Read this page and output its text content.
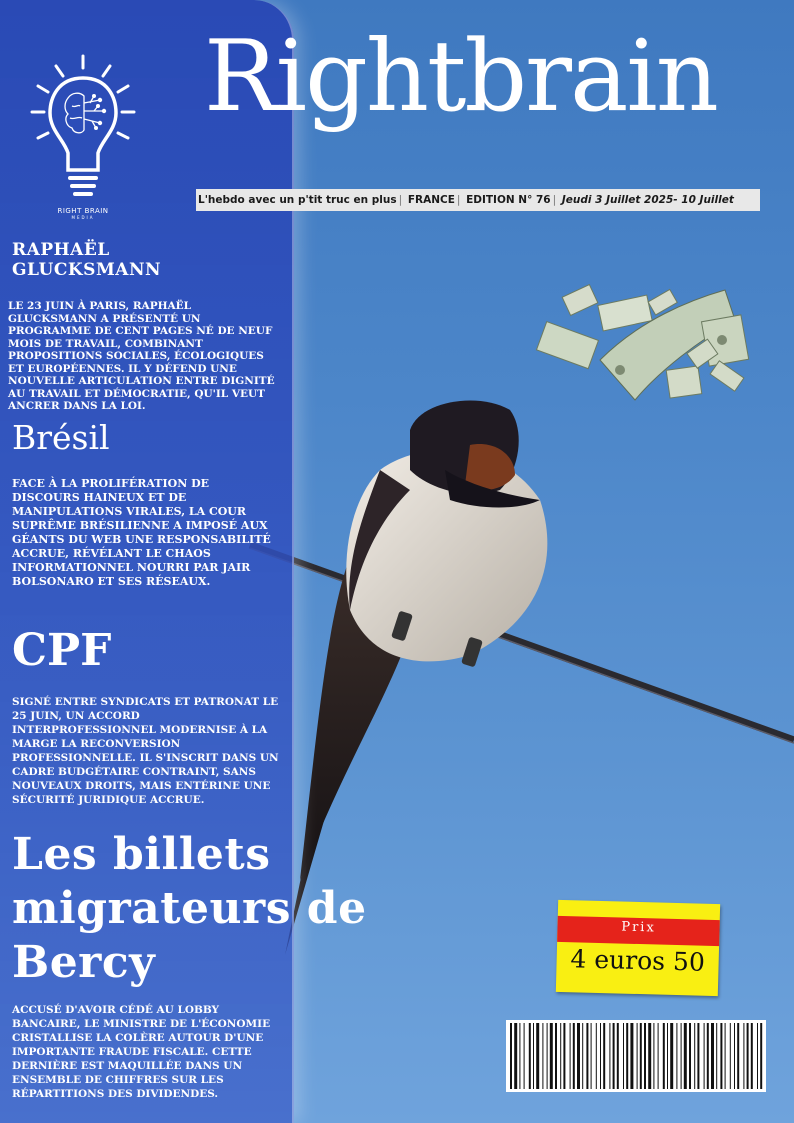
RIGHT BRAIN
MEDIA
Rightbrain
L'hebdo avec un p'tit truc en plus | FRANCE | EDITION N° 76 | Jeudi 3 Juillet 2025- 10 Juillet
RAPHAËL GLUCKSMANN
LE 23 JUIN À PARIS, RAPHAËL GLUCKSMANN A PRÉSENTÉ UN PROGRAMME DE CENT PAGES NÉ DE NEUF MOIS DE TRAVAIL, COMBINANT PROPOSITIONS SOCIALES, ÉCOLOGIQUES ET EUROPÉENNES. IL Y DÉFEND UNE NOUVELLE ARTICULATION ENTRE DIGNITÉ AU TRAVAIL ET DÉMOCRATIE, QU'IL VEUT ANCRER DANS LA LOI.
Brésil
FACE À LA PROLIFÉRATION DE DISCOURS HAINEUX ET DE MANIPULATIONS VIRALES, LA COUR SUPRÊME BRÉSILIENNE A IMPOSÉ AUX GÉANTS DU WEB UNE RESPONSABILITÉ ACCRUE, RÉVÉLANT LE CHAOS INFORMATIONNEL NOURRI PAR JAIR BOLSONARO ET SES RÉSEAUX.
CPF
SIGNÉ ENTRE SYNDICATS ET PATRONAT LE 25 JUIN, UN ACCORD INTERPROFESSIONNEL MODERNISE À LA MARGE LA RECONVERSION PROFESSIONNELLE. IL S'INSCRIT DANS UN CADRE BUDGÉTAIRE CONTRAINT, SANS NOUVEAUX DROITS, MAIS ENTÉRINE UNE SÉCURITÉ JURIDIQUE ACCRUE.
Les billets migrateurs de Bercy
ACCUSÉ D'AVOIR CÉDÉ AU LOBBY BANCAIRE, LE MINISTRE DE L'ÉCONOMIE CRISTALLISE LA COLÈRE AUTOUR D'UNE IMPORTANTE FRAUDE FISCALE. CETTE DERNIÈRE EST MAQUILLÉE DANS UN ENSEMBLE DE CHIFFRES SUR LES RÉPARTITIONS DES DIVIDENDES.
Prix
4 euros 50
